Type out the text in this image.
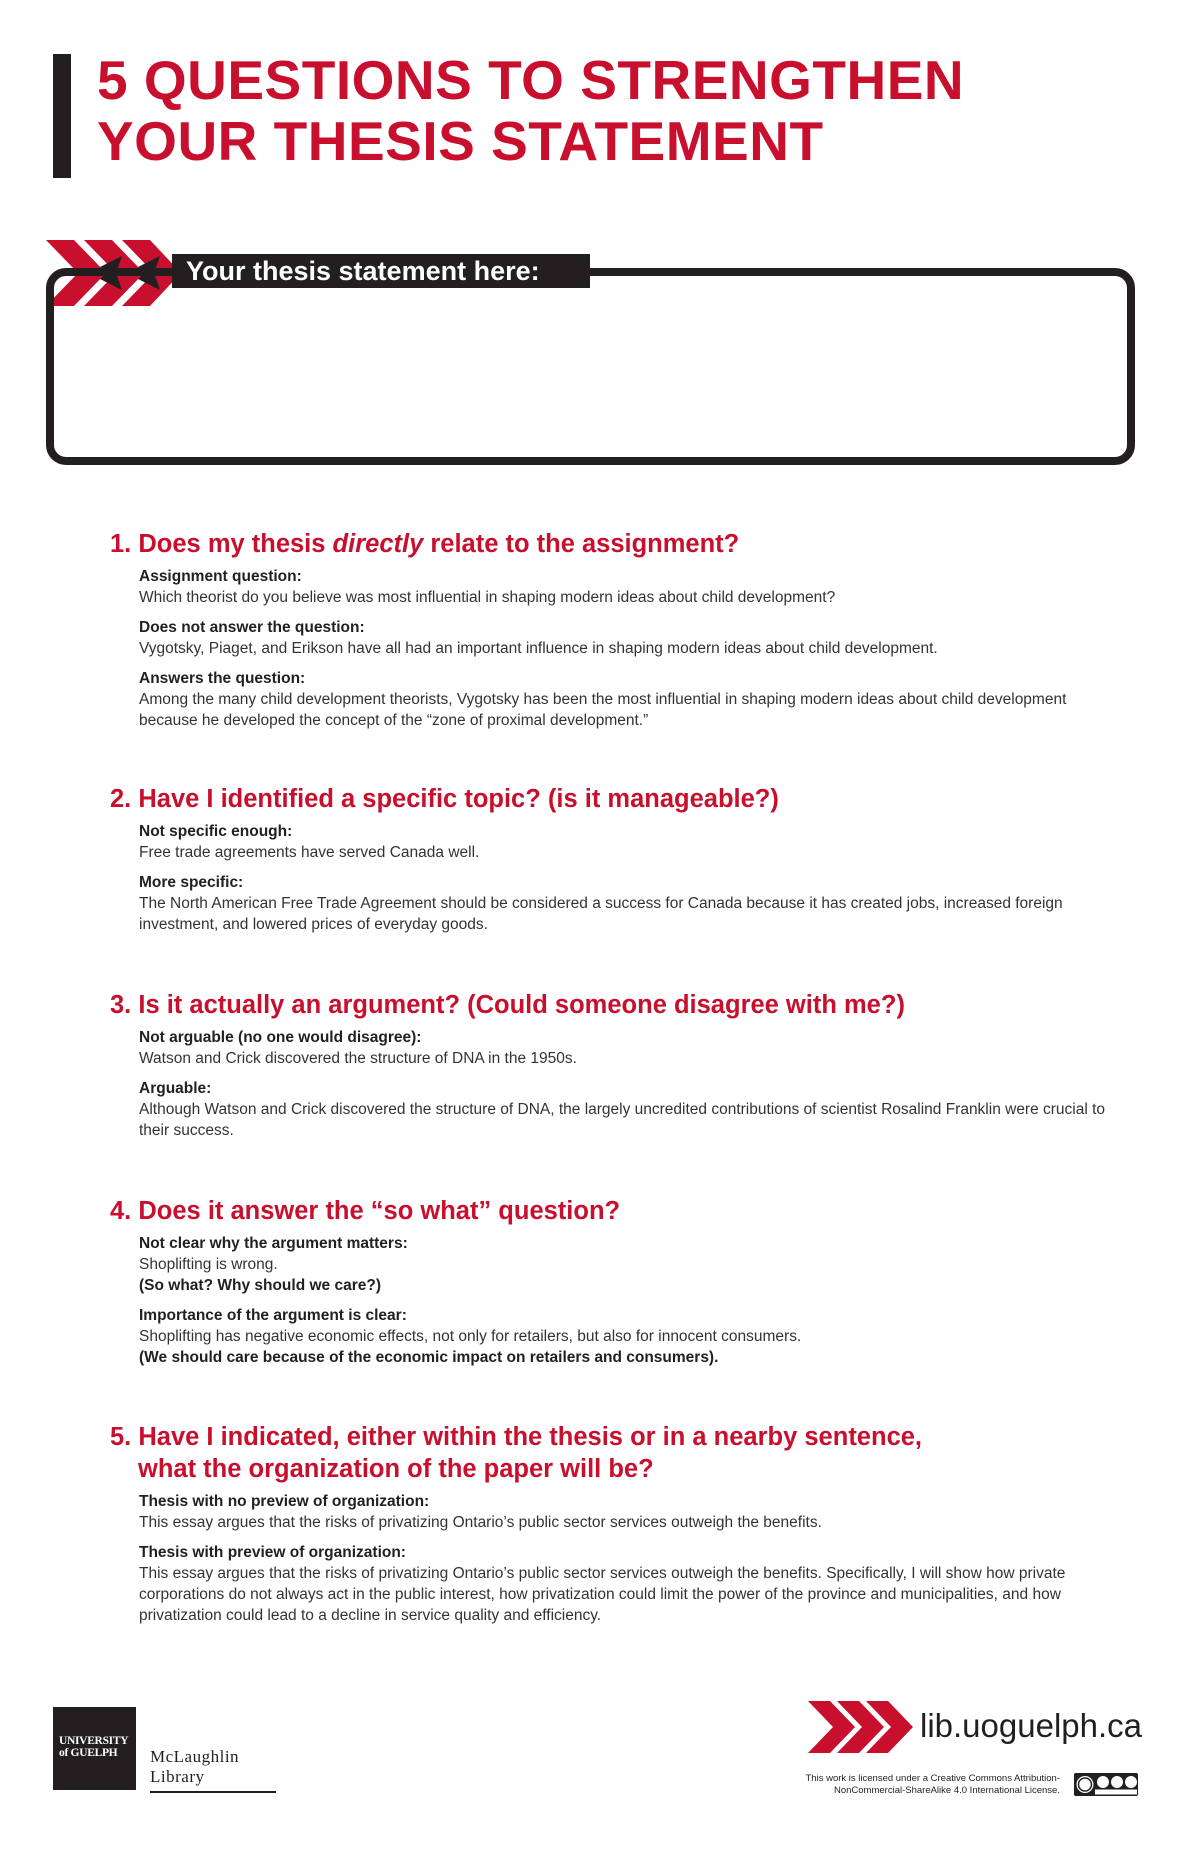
5 QUESTIONS TO STRENGTHEN
YOUR THESIS STATEMENT
Your thesis statement here:
1. Does my thesis directly relate to the assignment?

Assignment question:

Which theorist do you believe was most influential in shaping modern ideas about child development?

Does not answer the question:

Vygotsky, Piaget, and Erikson have all had an important influence in shaping modern ideas about child development.

Answers the question:

Among the many child development theorists, Vygotsky has been the most influential in shaping modern ideas about child development because he developed the concept of the “zone of proximal development.”

2. Have I identified a specific topic? (is it manageable?)

Not specific enough:

Free trade agreements have served Canada well.

More specific:

The North American Free Trade Agreement should be considered a success for Canada because it has created jobs, increased foreign investment, and lowered prices of everyday goods.

3. Is it actually an argument? (Could someone disagree with me?)

Not arguable (no one would disagree):

Watson and Crick discovered the structure of DNA in the 1950s.

Arguable:

Although Watson and Crick discovered the structure of DNA, the largely uncredited contributions of scientist Rosalind Franklin were crucial to their success.

4. Does it answer the “so what” question?

Not clear why the argument matters:

Shoplifting is wrong.

(So what? Why should we care?)

Importance of the argument is clear:

Shoplifting has negative economic effects, not only for retailers, but also for innocent consumers.

(We should care because of the economic impact on retailers and consumers).

5. Have I indicated, either within the thesis or in a nearby sentence,
what the organization of the paper will be?

Thesis with no preview of organization:

This essay argues that the risks of privatizing Ontario’s public sector services outweigh the benefits.

Thesis with preview of organization:

This essay argues that the risks of privatizing Ontario’s public sector services outweigh the benefits. Specifically, I will show how private corporations do not always act in the public interest, how privatization could limit the power of the province and municipalities, and how privatization could lead to a decline in service quality and efficiency.

UNIVERSITY
of GUELPH	McLaughlin
Library
lib.uoguelph.ca
This work is licensed under a Creative Commons Attribution-
NonCommercial-ShareAlike 4.0 International License.
